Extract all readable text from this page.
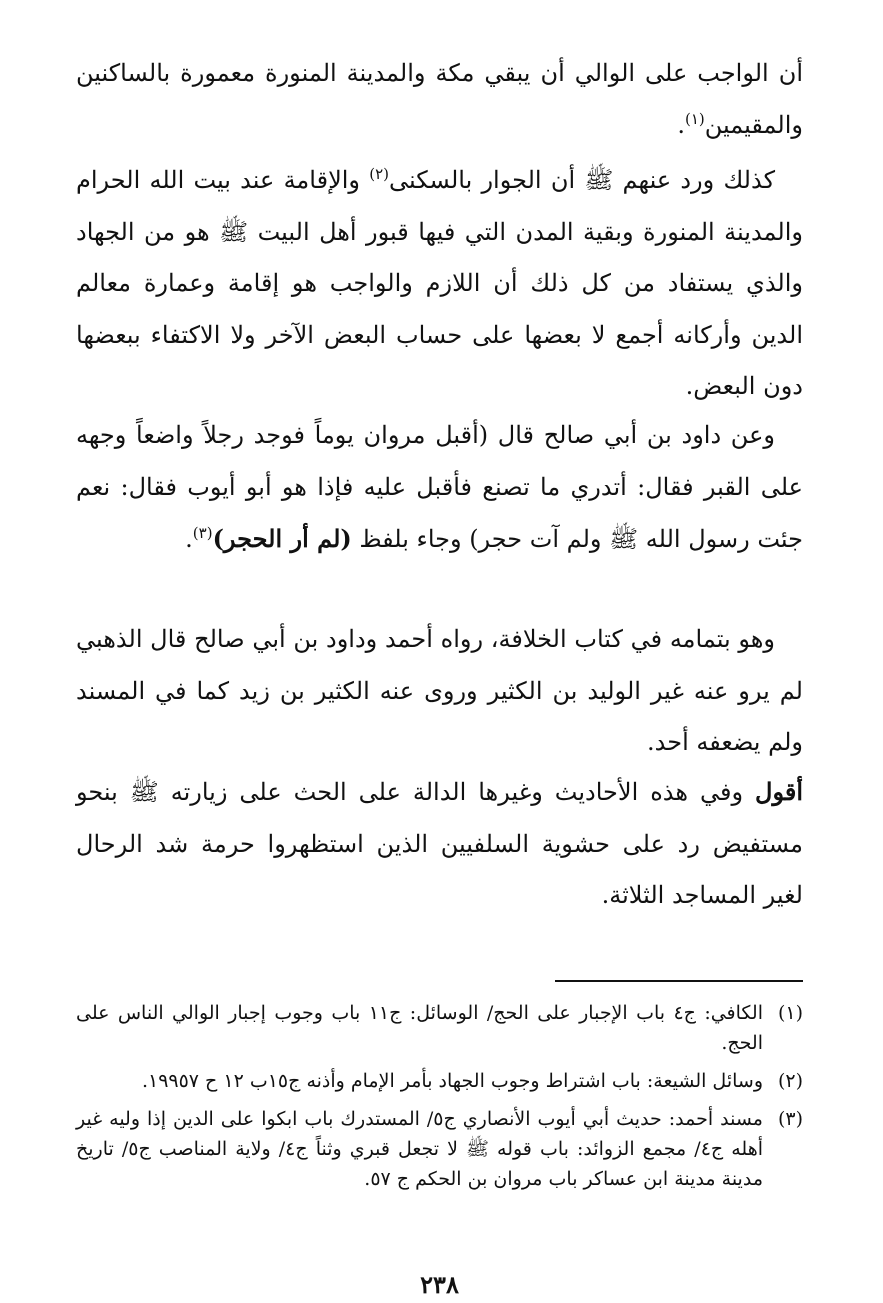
أن الواجب على الوالي أن يبقي مكة والمدينة المنورة معمورة بالساكنين والمقيمين$^{(١)}$.

كذلك ورد عنهم ﷺ أن الجوار بالسكنى$^{(٢)}$ والإقامة عند بيت الله الحرام والمدينة المنورة وبقية المدن التي فيها قبور أهل البيت ﷺ هو من الجهاد والذي يستفاد من كل ذلك أن اللازم والواجب هو إقامة وعمارة معالم الدين وأركانه أجمع لا بعضها على حساب البعض الآخر ولا الاكتفاء ببعضها دون البعض.

وعن داود بن أبي صالح قال (أقبل مروان يوماً فوجد رجلاً واضعاً وجهه على القبر فقال: أتدري ما تصنع فأقبل عليه فإذا هو أبو أيوب فقال: نعم جئت رسول الله ﷺ ولم آت حجر) وجاء بلفظ (لم أر الحجر)$^{(٣)}$.

وهو بتمامه في كتاب الخلافة، رواه أحمد وداود بن أبي صالح قال الذهبي لم يرو عنه غير الوليد بن الكثير وروى عنه الكثير بن زيد كما في المسند ولم يضعفه أحد.

أقول وفي هذه الأحاديث وغيرها الدالة على الحث على زيارته ﷺ بنحو مستفيض رد على حشوية السلفيين الذين استظهروا حرمة شد الرحال لغير المساجد الثلاثة.

(١)
الكافي: ج٤ باب الإجبار على الحج/ الوسائل: ج١١ باب وجوب إجبار الوالي الناس على الحج.
(٢)
وسائل الشيعة: باب اشتراط وجوب الجهاد بأمر الإمام وأذنه ج١٥ب ١٢ ح ١٩٩٥٧.
(٣)
مسند أحمد: حديث أبي أيوب الأنصاري ج٥/ المستدرك باب ابكوا على الدين إذا وليه غير أهله ج٤/ مجمع الزوائد: باب قوله ﷺ لا تجعل قبري وثناً ج٤/ ولاية المناصب ج٥/ تاريخ مدينة مدينة ابن عساكر باب مروان بن الحكم ج ٥٧.
٢٣٨
